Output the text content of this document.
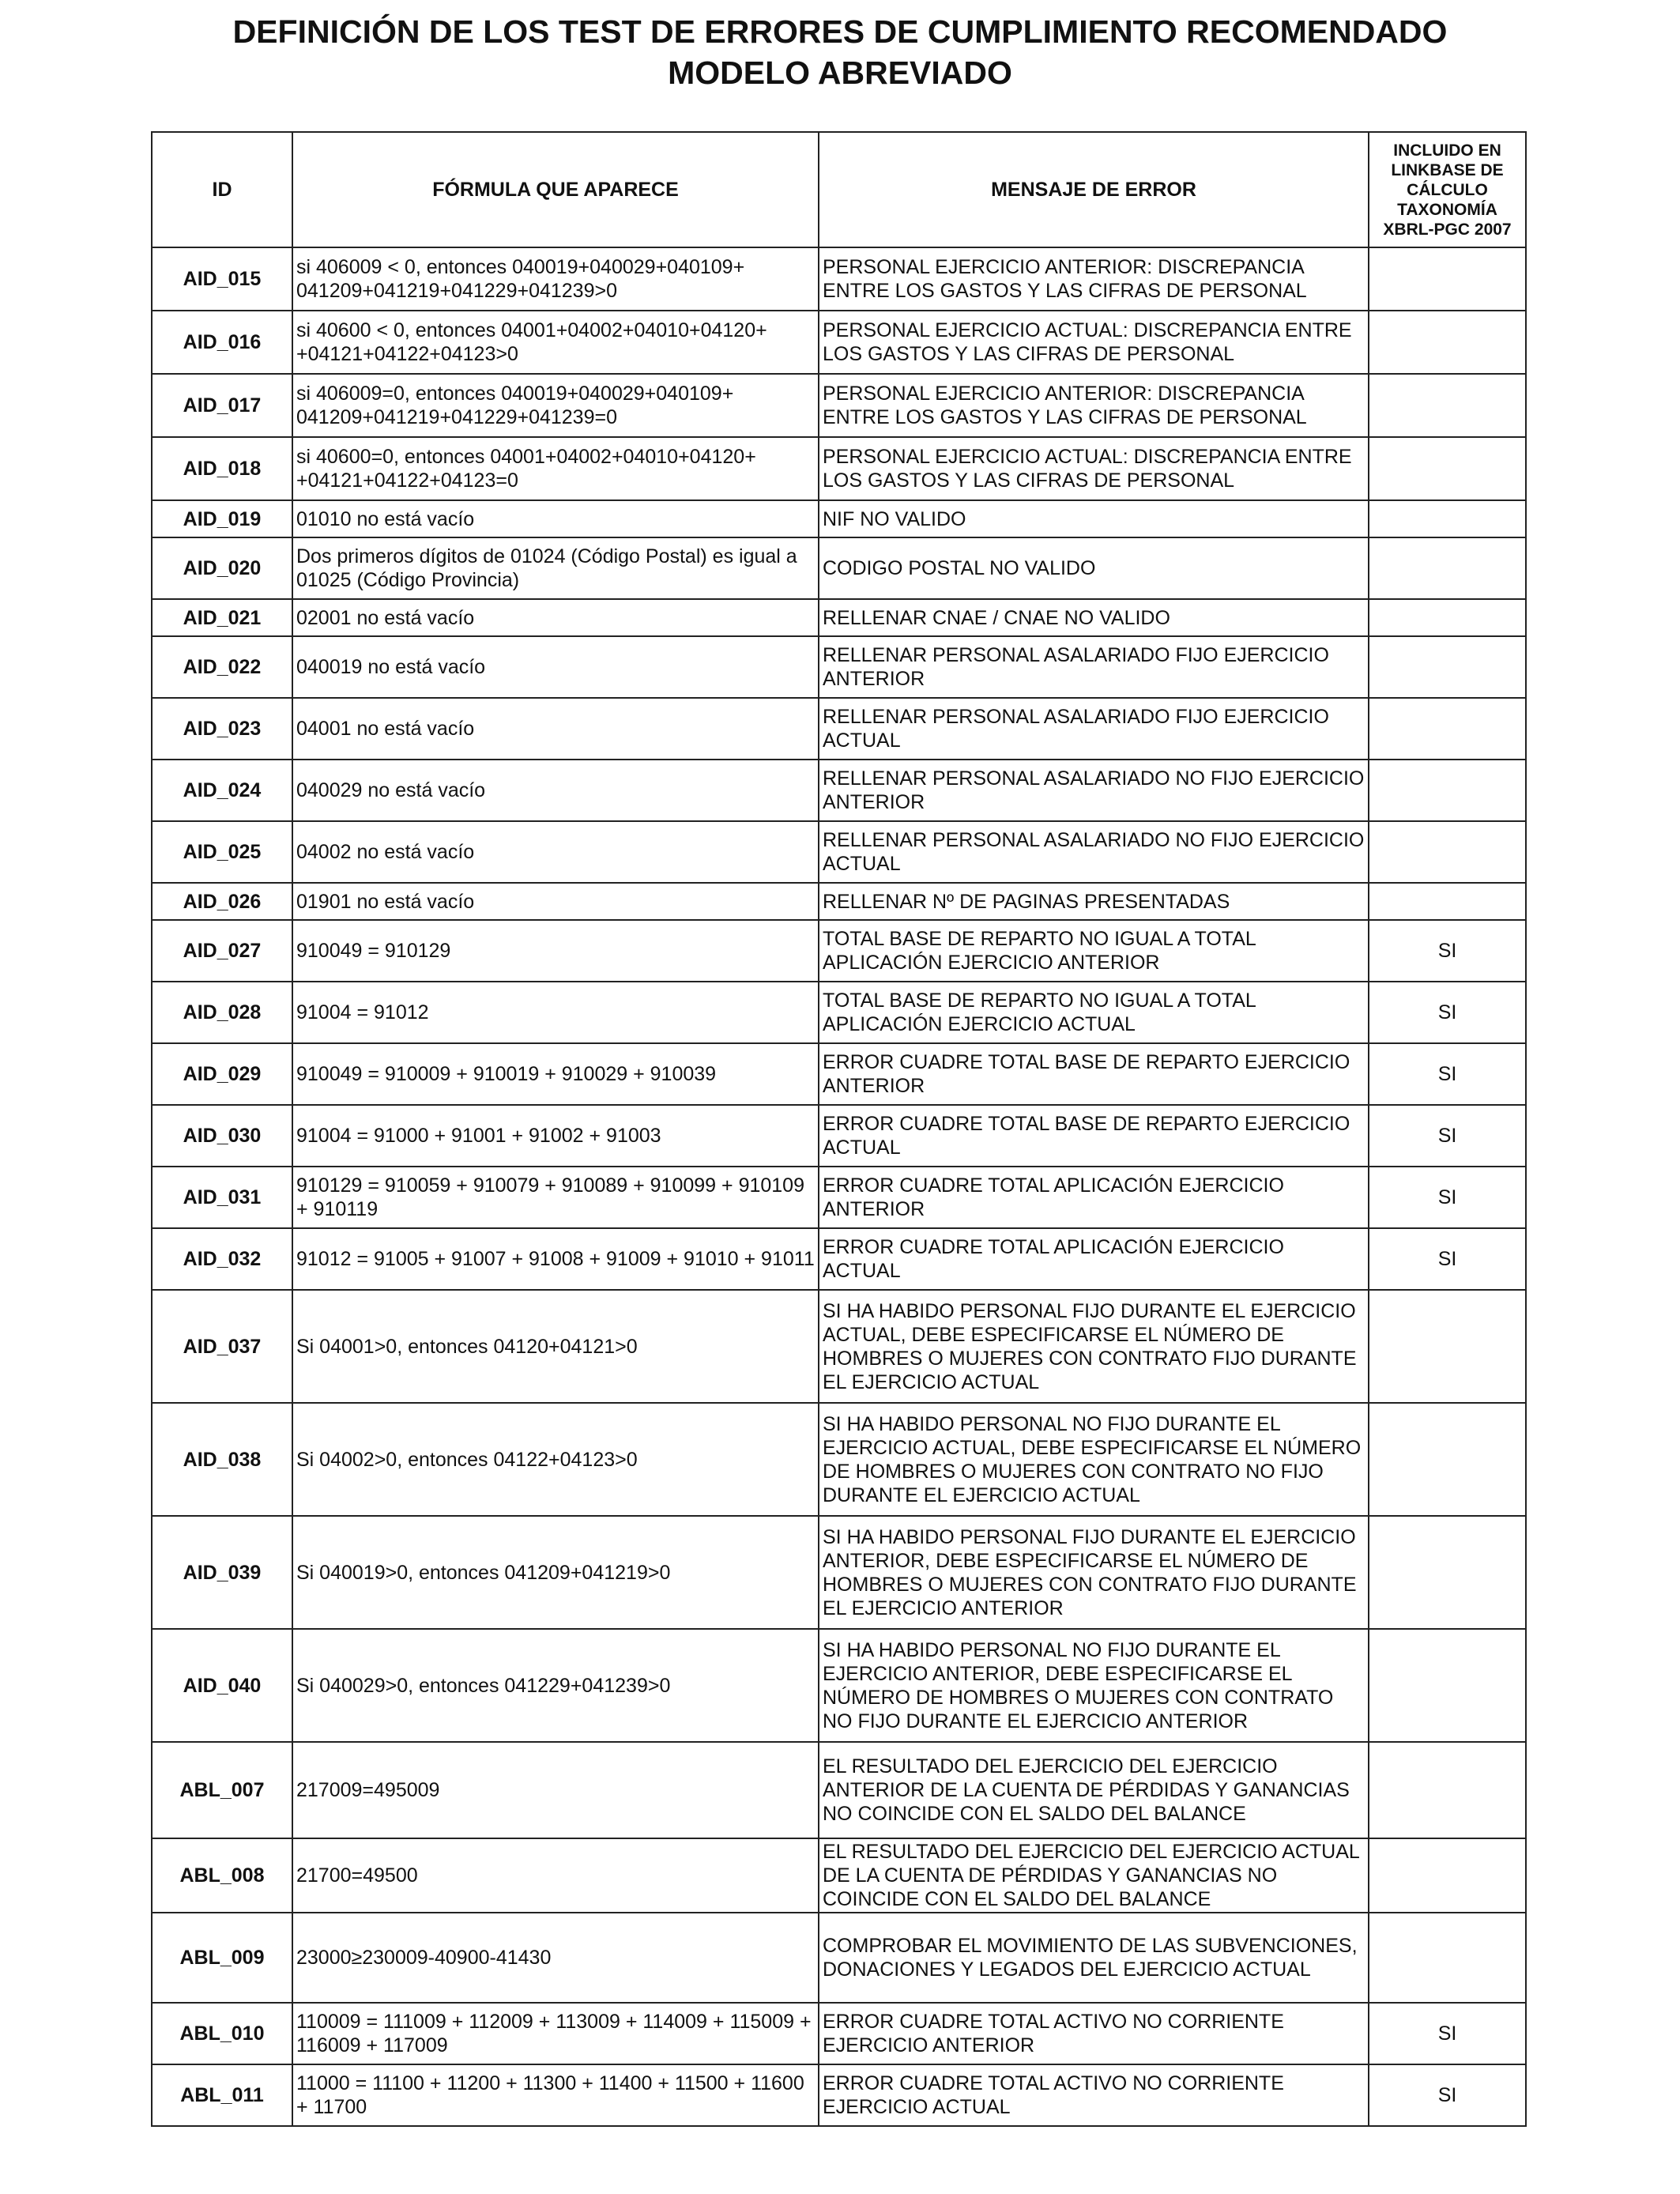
DEFINICIÓN DE LOS TEST DE ERRORES DE CUMPLIMIENTO RECOMENDADO
MODELO ABREVIADO
ID	FÓRMULA QUE APARECE	MENSAJE DE ERROR	INCLUIDO EN
LINKBASE DE
CÁLCULO
TAXONOMÍA
XBRL-PGC 2007

AID_015	si 406009 < 0, entonces 040019+040029+040109+ 041209+041219+041229+041239>0	PERSONAL EJERCICIO ANTERIOR: DISCREPANCIA ENTRE LOS GASTOS Y LAS CIFRAS DE PERSONAL	
AID_016	si 40600 < 0, entonces 04001+04002+04010+04120+ +04121+04122+04123>0	PERSONAL EJERCICIO ACTUAL: DISCREPANCIA ENTRE LOS GASTOS Y LAS CIFRAS DE PERSONAL	
AID_017	si 406009=0, entonces 040019+040029+040109+ 041209+041219+041229+041239=0	PERSONAL EJERCICIO ANTERIOR: DISCREPANCIA ENTRE LOS GASTOS Y LAS CIFRAS DE PERSONAL	
AID_018	si 40600=0, entonces 04001+04002+04010+04120+ +04121+04122+04123=0	PERSONAL EJERCICIO ACTUAL: DISCREPANCIA ENTRE LOS GASTOS Y LAS CIFRAS DE PERSONAL	
AID_019	01010 no está vacío	NIF NO VALIDO	
AID_020	Dos primeros dígitos de 01024 (Código Postal) es igual a 01025 (Código Provincia)	CODIGO POSTAL NO VALIDO	
AID_021	02001 no está vacío	RELLENAR CNAE / CNAE NO VALIDO	
AID_022	040019 no está vacío	RELLENAR PERSONAL ASALARIADO FIJO EJERCICIO ANTERIOR	
AID_023	04001 no está vacío	RELLENAR PERSONAL ASALARIADO FIJO EJERCICIO ACTUAL	
AID_024	040029 no está vacío	RELLENAR PERSONAL ASALARIADO NO FIJO EJERCICIO ANTERIOR	
AID_025	04002 no está vacío	RELLENAR PERSONAL ASALARIADO NO FIJO EJERCICIO ACTUAL	
AID_026	01901 no está vacío	RELLENAR Nº DE PAGINAS PRESENTADAS	
AID_027	910049 = 910129	TOTAL BASE DE REPARTO NO IGUAL A TOTAL APLICACIÓN EJERCICIO ANTERIOR	SI
AID_028	91004 = 91012	TOTAL BASE DE REPARTO NO IGUAL A TOTAL APLICACIÓN EJERCICIO ACTUAL	SI
AID_029	910049 = 910009 + 910019 + 910029 + 910039	ERROR CUADRE TOTAL BASE DE REPARTO EJERCICIO ANTERIOR	SI
AID_030	91004 = 91000 + 91001 + 91002 + 91003	ERROR CUADRE TOTAL BASE DE REPARTO EJERCICIO ACTUAL	SI
AID_031	910129 = 910059 + 910079 + 910089 + 910099 + 910109 + 910119	ERROR CUADRE TOTAL APLICACIÓN EJERCICIO ANTERIOR	SI
AID_032	91012 = 91005 + 91007 + 91008 + 91009 + 91010 + 91011	ERROR CUADRE TOTAL APLICACIÓN EJERCICIO ACTUAL	SI
AID_037	Si 04001>0, entonces 04120+04121>0	SI HA HABIDO PERSONAL FIJO DURANTE EL EJERCICIO ACTUAL, DEBE ESPECIFICARSE EL NÚMERO DE HOMBRES O MUJERES CON CONTRATO FIJO DURANTE EL EJERCICIO ACTUAL	
AID_038	Si 04002>0, entonces 04122+04123>0	SI HA HABIDO PERSONAL NO FIJO DURANTE EL EJERCICIO ACTUAL, DEBE ESPECIFICARSE EL NÚMERO DE HOMBRES O MUJERES CON CONTRATO NO FIJO DURANTE EL EJERCICIO ACTUAL	
AID_039	Si 040019>0, entonces 041209+041219>0	SI HA HABIDO PERSONAL FIJO DURANTE EL EJERCICIO ANTERIOR, DEBE ESPECIFICARSE EL NÚMERO DE HOMBRES O MUJERES CON CONTRATO FIJO DURANTE EL EJERCICIO ANTERIOR	
AID_040	Si 040029>0, entonces 041229+041239>0	SI HA HABIDO PERSONAL NO FIJO DURANTE EL EJERCICIO ANTERIOR, DEBE ESPECIFICARSE EL NÚMERO DE HOMBRES O MUJERES CON CONTRATO NO FIJO DURANTE EL EJERCICIO ANTERIOR	
ABL_007	217009=495009	EL RESULTADO DEL EJERCICIO DEL EJERCICIO ANTERIOR DE LA CUENTA DE PÉRDIDAS Y GANANCIAS NO COINCIDE CON EL SALDO DEL BALANCE	
ABL_008	21700=49500	EL RESULTADO DEL EJERCICIO DEL EJERCICIO ACTUAL DE LA CUENTA DE PÉRDIDAS Y GANANCIAS NO COINCIDE CON EL SALDO DEL BALANCE	
ABL_009	23000≥230009-40900-41430	COMPROBAR EL MOVIMIENTO DE LAS SUBVENCIONES, DONACIONES Y LEGADOS DEL EJERCICIO ACTUAL	
ABL_010	110009 = 111009 + 112009 + 113009 + 114009 + 115009 + 116009 + 117009	ERROR CUADRE TOTAL ACTIVO NO CORRIENTE EJERCICIO ANTERIOR	SI
ABL_011	11000 = 11100 + 11200 + 11300 + 11400 + 11500 + 11600 + 11700	ERROR CUADRE TOTAL ACTIVO NO CORRIENTE EJERCICIO ACTUAL	SI
